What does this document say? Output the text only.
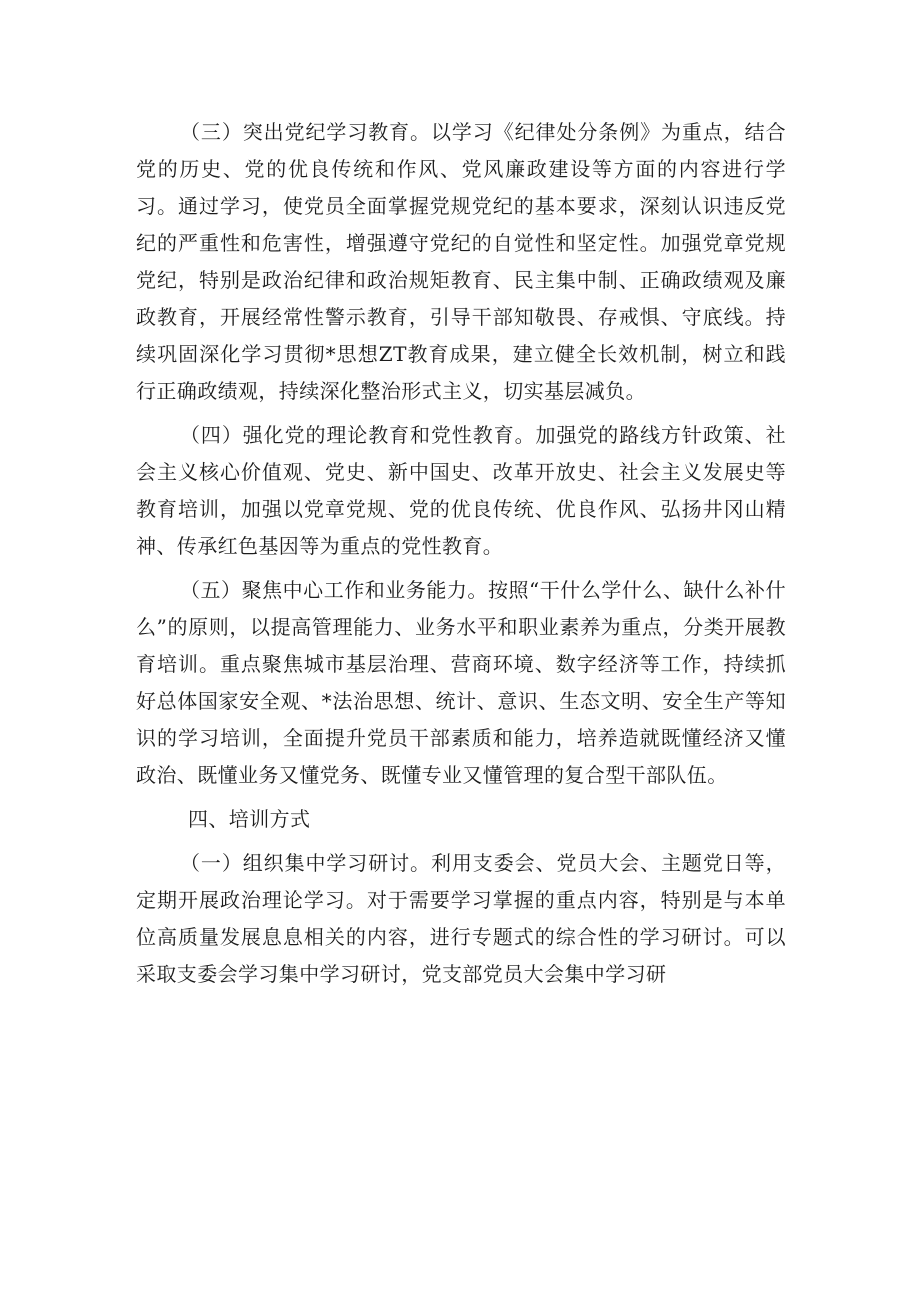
（三）突出党纪学习教育。以学习《纪律处分条例》为重点，结合党的历史、党的优良传统和作风、党风廉政建设等方面的内容进行学习。通过学习，使党员全面掌握党规党纪的基本要求，深刻认识违反党纪的严重性和危害性，增强遵守党纪的自觉性和坚定性。加强党章党规党纪，特别是政治纪律和政治规矩教育、民主集中制、正确政绩观及廉政教育，开展经常性警示教育，引导干部知敬畏、存戒惧、守底线。持续巩固深化学习贯彻*思想ZT教育成果，建立健全长效机制，树立和践行正确政绩观，持续深化整治形式主义，切实基层减负。

（四）强化党的理论教育和党性教育。加强党的路线方针政策、社会主义核心价值观、党史、新中国史、改革开放史、社会主义发展史等教育培训，加强以党章党规、党的优良传统、优良作风、弘扬井冈山精神、传承红色基因等为重点的党性教育。

（五）聚焦中心工作和业务能力。按照“干什么学什么、缺什么补什么”的原则，以提高管理能力、业务水平和职业素养为重点，分类开展教育培训。重点聚焦城市基层治理、营商环境、数字经济等工作，持续抓好总体国家安全观、*法治思想、统计、意识、生态文明、安全生产等知识的学习培训，全面提升党员干部素质和能力，培养造就既懂经济又懂政治、既懂业务又懂党务、既懂专业又懂管理的复合型干部队伍。

四、培训方式

（一）组织集中学习研讨。利用支委会、党员大会、主题党日等，定期开展政治理论学习。对于需要学习掌握的重点内容，特别是与本单位高质量发展息息相关的内容，进行专题式的综合性的学习研讨。可以采取支委会学习集中学习研讨，党支部党员大会集中学习研
